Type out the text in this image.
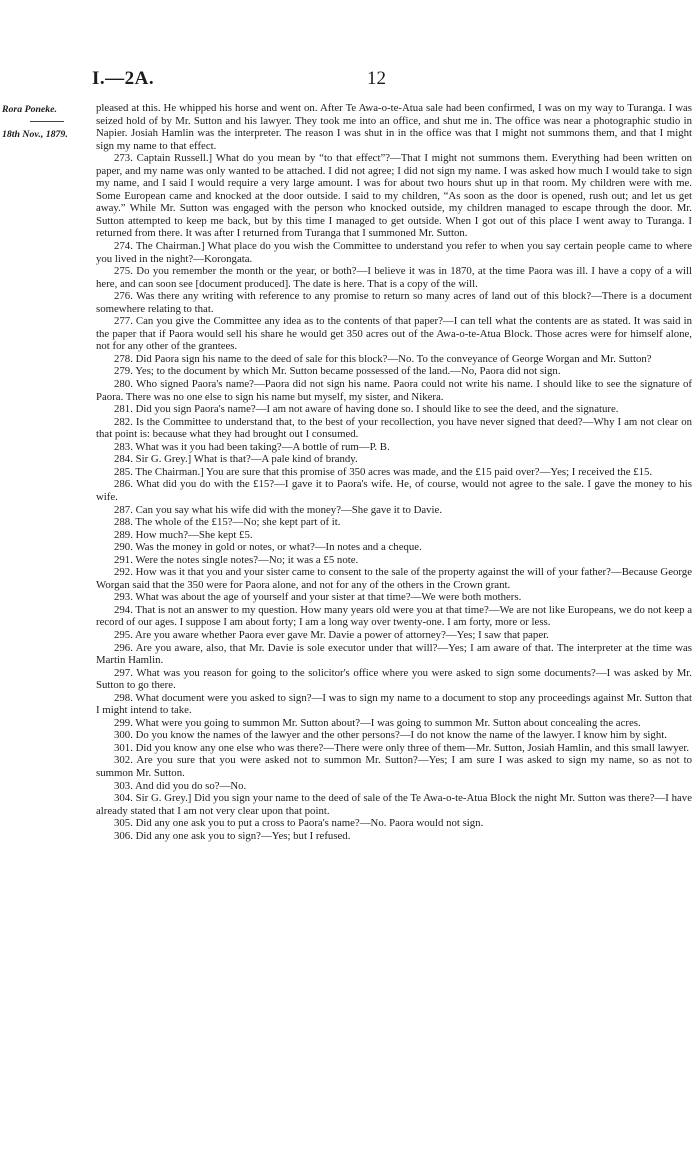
I.—2A.	12
Rora Poneke.
18th Nov., 1879.

pleased at this. He whipped his horse and went on. After Te Awa-o-te-Atua sale had been confirmed, I was on my way to Turanga. I was seized hold of by Mr. Sutton and his lawyer. They took me into an office, and shut me in. The office was near a photographic studio in Napier. Josiah Hamlin was the interpreter. The reason I was shut in in the office was that I might not summons them, and that I might sign my name to that effect.

273. Captain Russell.] What do you mean by “to that effect”?—That I might not summons them. Everything had been written on paper, and my name was only wanted to be attached. I did not agree; I did not sign my name. I was asked how much I would take to sign my name, and I said I would require a very large amount. I was for about two hours shut up in that room. My children were with me. Some European came and knocked at the door outside. I said to my children, “As soon as the door is opened, rush out; and let us get away.” While Mr. Sutton was engaged with the person who knocked outside, my children managed to escape through the door. Mr. Sutton attempted to keep me back, but by this time I managed to get outside. When I got out of this place I went away to Turanga. I returned from there. It was after I returned from Turanga that I summoned Mr. Sutton.

274. The Chairman.] What place do you wish the Committee to understand you refer to when you say certain people came to where you lived in the night?—Korongata.

275. Do you remember the month or the year, or both?—I believe it was in 1870, at the time Paora was ill. I have a copy of a will here, and can soon see [document produced]. The date is here. That is a copy of the will.

276. Was there any writing with reference to any promise to return so many acres of land out of this block?—There is a document somewhere relating to that.

277. Can you give the Committee any idea as to the contents of that paper?—I can tell what the contents are as stated. It was said in the paper that if Paora would sell his share he would get 350 acres out of the Awa-o-te-Atua Block. Those acres were for himself alone, not for any other of the grantees.

278. Did Paora sign his name to the deed of sale for this block?—No. To the conveyance of George Worgan and Mr. Sutton?

279. Yes; to the document by which Mr. Sutton became possessed of the land.—No, Paora did not sign.

280. Who signed Paora's name?—Paora did not sign his name. Paora could not write his name. I should like to see the signature of Paora. There was no one else to sign his name but myself, my sister, and Nikera.

281. Did you sign Paora's name?—I am not aware of having done so. I should like to see the deed, and the signature.

282. Is the Committee to understand that, to the best of your recollection, you have never signed that deed?—Why I am not clear on that point is: because what they had brought out I consumed.

283. What was it you had been taking?—A bottle of rum—P. B.

284. Sir G. Grey.] What is that?—A pale kind of brandy.

285. The Chairman.] You are sure that this promise of 350 acres was made, and the £15 paid over?—Yes; I received the £15.

286. What did you do with the £15?—I gave it to Paora's wife. He, of course, would not agree to the sale. I gave the money to his wife.

287. Can you say what his wife did with the money?—She gave it to Davie.

288. The whole of the £15?—No; she kept part of it.

289. How much?—She kept £5.

290. Was the money in gold or notes, or what?—In notes and a cheque.

291. Were the notes single notes?—No; it was a £5 note.

292. How was it that you and your sister came to consent to the sale of the property against the will of your father?—Because George Worgan said that the 350 were for Paora alone, and not for any of the others in the Crown grant.

293. What was about the age of yourself and your sister at that time?—We were both mothers.

294. That is not an answer to my question. How many years old were you at that time?—We are not like Europeans, we do not keep a record of our ages. I suppose I am about forty; I am a long way over twenty-one. I am forty, more or less.

295. Are you aware whether Paora ever gave Mr. Davie a power of attorney?—Yes; I saw that paper.

296. Are you aware, also, that Mr. Davie is sole executor under that will?—Yes; I am aware of that. The interpreter at the time was Martin Hamlin.

297. What was you reason for going to the solicitor's office where you were asked to sign some documents?—I was asked by Mr. Sutton to go there.

298. What document were you asked to sign?—I was to sign my name to a document to stop any proceedings against Mr. Sutton that I might intend to take.

299. What were you going to summon Mr. Sutton about?—I was going to summon Mr. Sutton about concealing the acres.

300. Do you know the names of the lawyer and the other persons?—I do not know the name of the lawyer. I know him by sight.

301. Did you know any one else who was there?—There were only three of them—Mr. Sutton, Josiah Hamlin, and this small lawyer.

302. Are you sure that you were asked not to summon Mr. Sutton?—Yes; I am sure I was asked to sign my name, so as not to summon Mr. Sutton.

303. And did you do so?—No.

304. Sir G. Grey.] Did you sign your name to the deed of sale of the Te Awa-o-te-Atua Block the night Mr. Sutton was there?—I have already stated that I am not very clear upon that point.

305. Did any one ask you to put a cross to Paora's name?—No. Paora would not sign.

306. Did any one ask you to sign?—Yes; but I refused.
